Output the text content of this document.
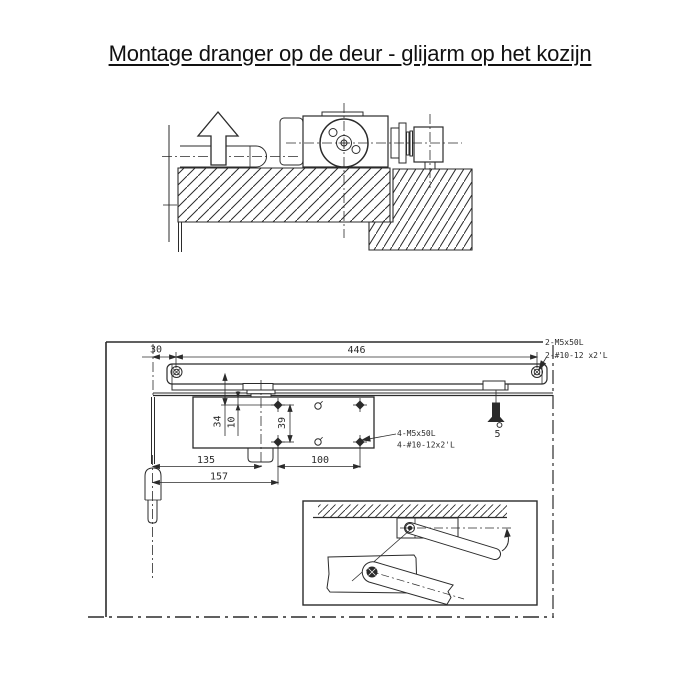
Montage dranger op de deur - glijarm op het kozijn
30	446
34 10	39
135	100
157
5
2-M5x50L
2-#10-12 x2'L
4-M5x50L
4-#10-12x2'L
